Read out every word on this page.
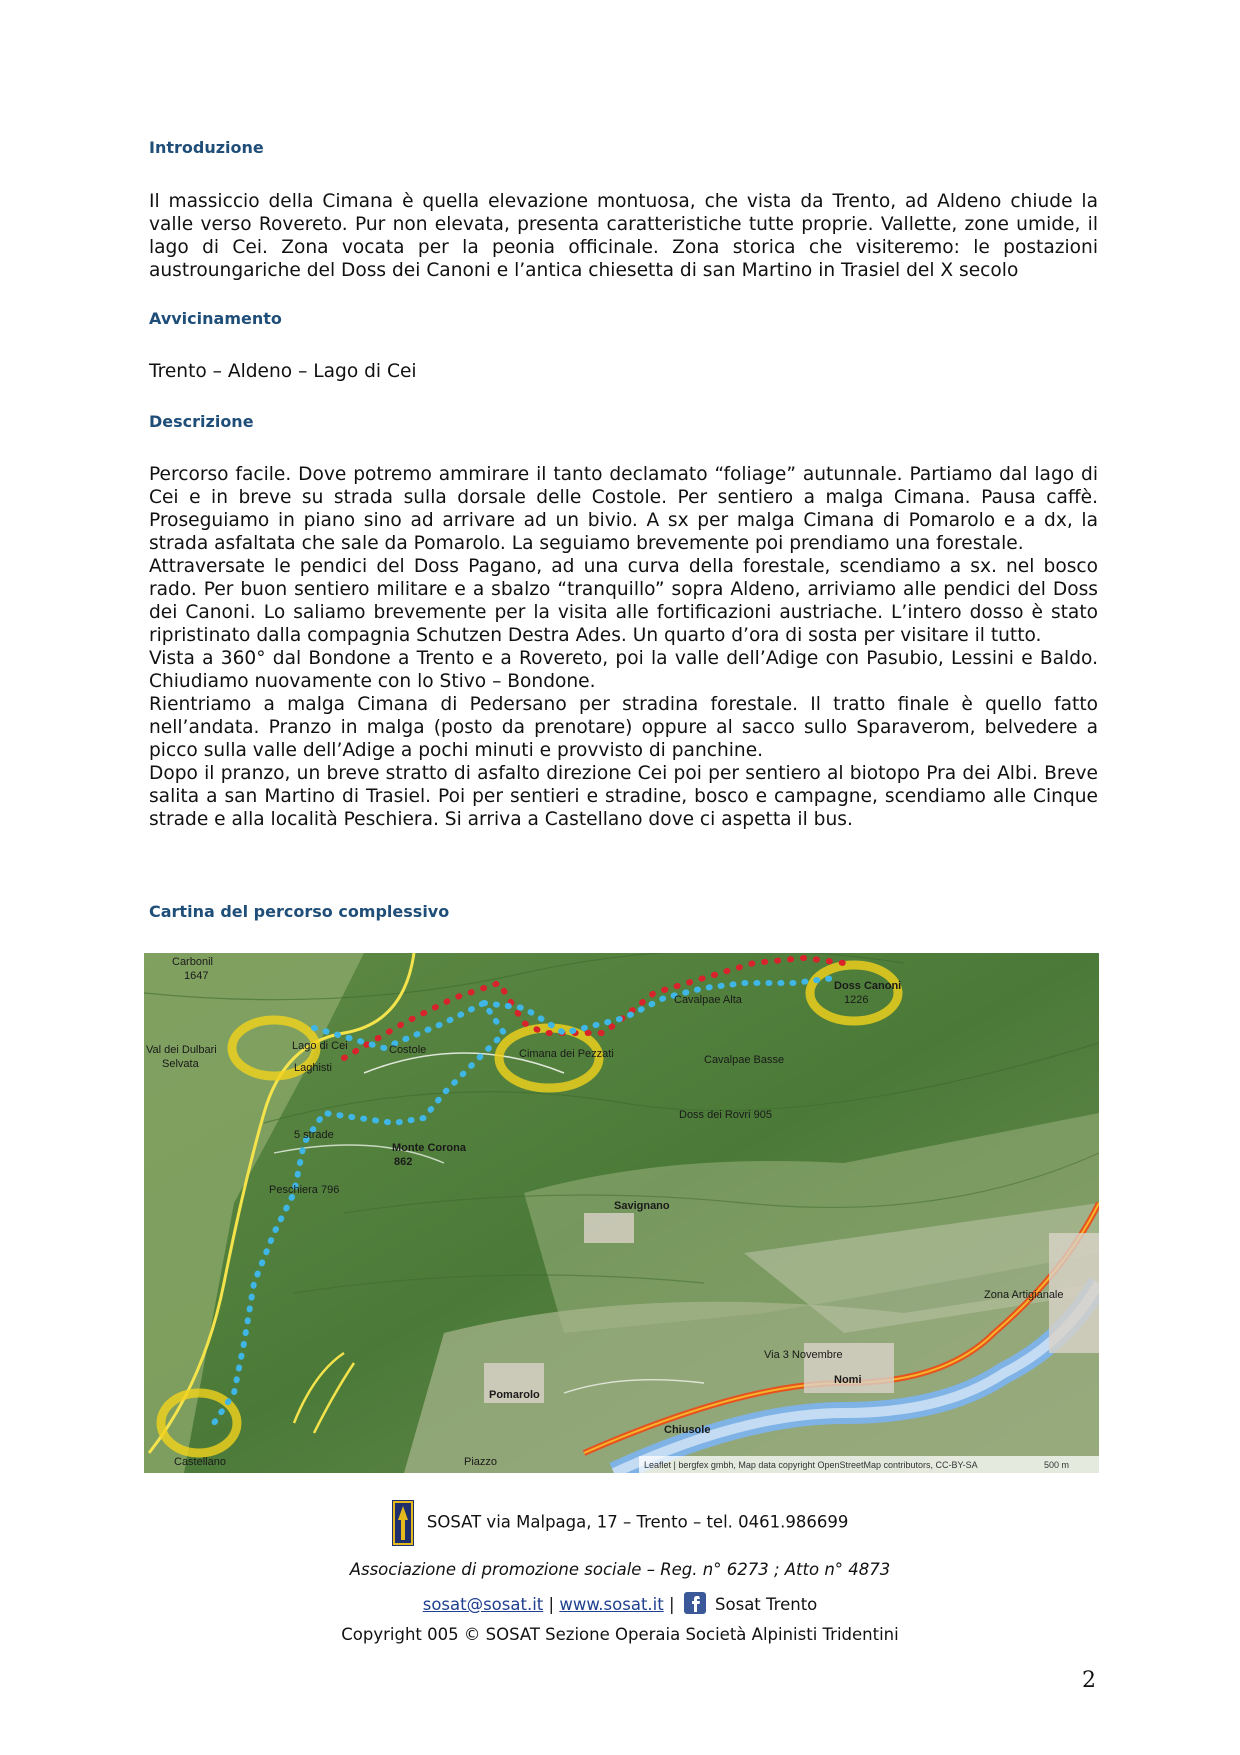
Introduzione

Il massiccio della Cimana è quella elevazione montuosa, che vista da Trento, ad Aldeno chiude la valle verso Rovereto. Pur non elevata, presenta caratteristiche tutte proprie. Vallette, zone umide, il lago di Cei. Zona vocata per la peonia officinale. Zona storica che visiteremo: le postazioni austroungariche del Doss dei Canoni e l’antica chiesetta di san Martino in Trasiel del X secolo

Avvicinamento

Trento – Aldeno – Lago di Cei

Descrizione

Percorso facile. Dove potremo ammirare il tanto declamato “foliage” autunnale. Partiamo dal lago di Cei e in breve su strada sulla dorsale delle Costole. Per sentiero a malga Cimana. Pausa caffè. Proseguiamo in piano sino ad arrivare ad un bivio. A sx per malga Cimana di Pomarolo e a dx, la strada asfaltata che sale da Pomarolo. La seguiamo brevemente poi prendiamo una forestale.

Attraversate le pendici del Doss Pagano, ad una curva della forestale, scendiamo a sx. nel bosco rado. Per buon sentiero militare e a sbalzo “tranquillo” sopra Aldeno, arriviamo alle pendici del Doss dei Canoni. Lo saliamo brevemente per la visita alle fortificazioni austriache. L’intero dosso è stato ripristinato dalla compagnia Schutzen Destra Ades. Un quarto d’ora di sosta per visitare il tutto.

Vista a 360° dal Bondone a Trento e a Rovereto, poi la valle dell’Adige con Pasubio, Lessini e Baldo. Chiudiamo nuovamente con lo Stivo – Bondone.

Rientriamo a malga Cimana di Pedersano per stradina forestale. Il tratto finale è quello fatto nell’andata. Pranzo in malga (posto da prenotare) oppure al sacco sullo Sparaverom, belvedere a picco sulla valle dell’Adige a pochi minuti e provvisto di panchine.

Dopo il pranzo, un breve stratto di asfalto direzione Cei poi per sentiero al biotopo Pra dei Albi. Breve salita a san Martino di Trasiel. Poi per sentieri e stradine, bosco e campagne, scendiamo alle Cinque strade e alla località Peschiera. Si arriva a Castellano dove ci aspetta il bus.

Cartina del percorso complessivo
Carbonil
1647
Lago di Cei	Costole
Laghisti
Val dei Dulbari
Selvata
Cimana dei Pezzati
Cavalpae Alta
Cavalpae Basse
Doss Canoni
1226
Doss dei Rovri 905
Monte Corona
862
5 strade
Peschiera 796
Savignano
Pomarolo
Chiusole
Nomi
Via 3 Novembre
Zona Artigianale
Castellano	Piazzo	Leaflet | bergfex gmbh, Map data copyright OpenStreetMap contributors, CC-BY-SA	500 m
SOSAT via Malpaga, 17 – Trento – tel. 0461.986699
Associazione di promozione sociale – Reg. n° 6273 ; Atto n° 4873
sosat@sosat.it | www.sosat.it | Sosat Trento
Copyright 005 © SOSAT Sezione Operaia Società Alpinisti Tridentini
2
